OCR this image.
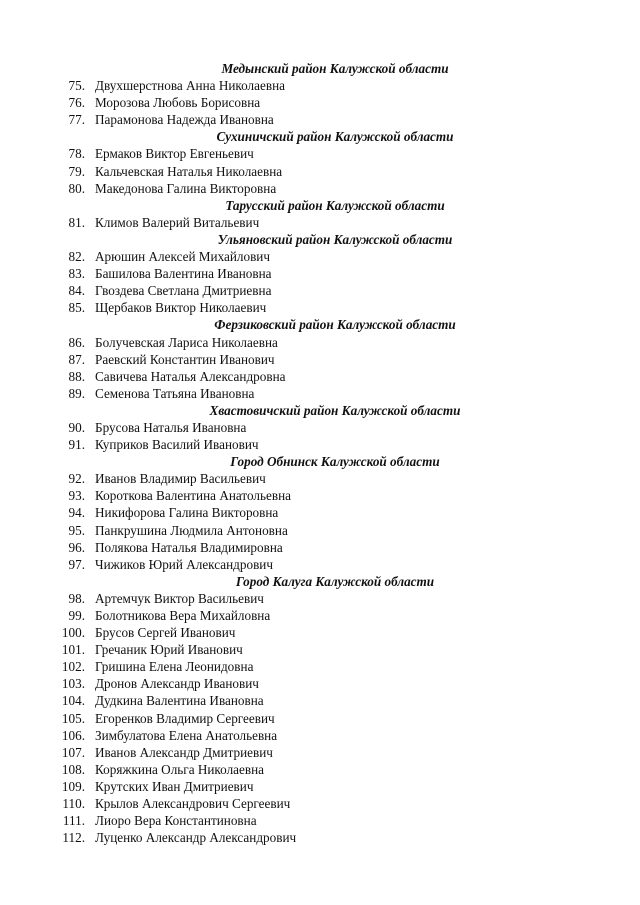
Медынский район Калужской области
75. Двухшерстнова Анна Николаевна
76. Морозова Любовь Борисовна
77. Парамонова Надежда Ивановна
Сухиничский район Калужской области
78. Ермаков Виктор Евгеньевич
79. Кальчевская Наталья Николаевна
80. Македонова Галина Викторовна
Тарусский район Калужской области
81. Климов Валерий Витальевич
Ульяновский район Калужской области
82. Арюшин Алексей Михайлович
83. Башилова Валентина Ивановна
84. Гвоздева Светлана Дмитриевна
85. Щербаков Виктор Николаевич
Ферзиковский район Калужской области
86. Болучевская Лариса Николаевна
87. Раевский Константин Иванович
88. Савичева Наталья Александровна
89. Семенова Татьяна Ивановна
Хвастовичский район Калужской области
90. Брусова Наталья Ивановна
91. Куприков Василий Иванович
Город Обнинск Калужской области
92. Иванов Владимир Васильевич
93. Короткова Валентина Анатольевна
94. Никифорова Галина Викторовна
95. Панкрушина Людмила Антоновна
96. Полякова Наталья Владимировна
97. Чижиков Юрий Александрович
Город Калуга Калужской области
98. Артемчук Виктор Васильевич
99. Болотникова Вера Михайловна
100. Брусов Сергей Иванович
101. Гречаник Юрий Иванович
102. Гришина Елена Леонидовна
103. Дронов Александр Иванович
104. Дудкина Валентина Ивановна
105. Егоренков Владимир Сергеевич
106. Зимбулатова Елена Анатольевна
107. Иванов Александр Дмитриевич
108. Коряжкина Ольга Николаевна
109. Крутских Иван Дмитриевич
110. Крылов Александрович Сергеевич
111. Лиоро Вера Константиновна
112. Луценко Александр Александрович
